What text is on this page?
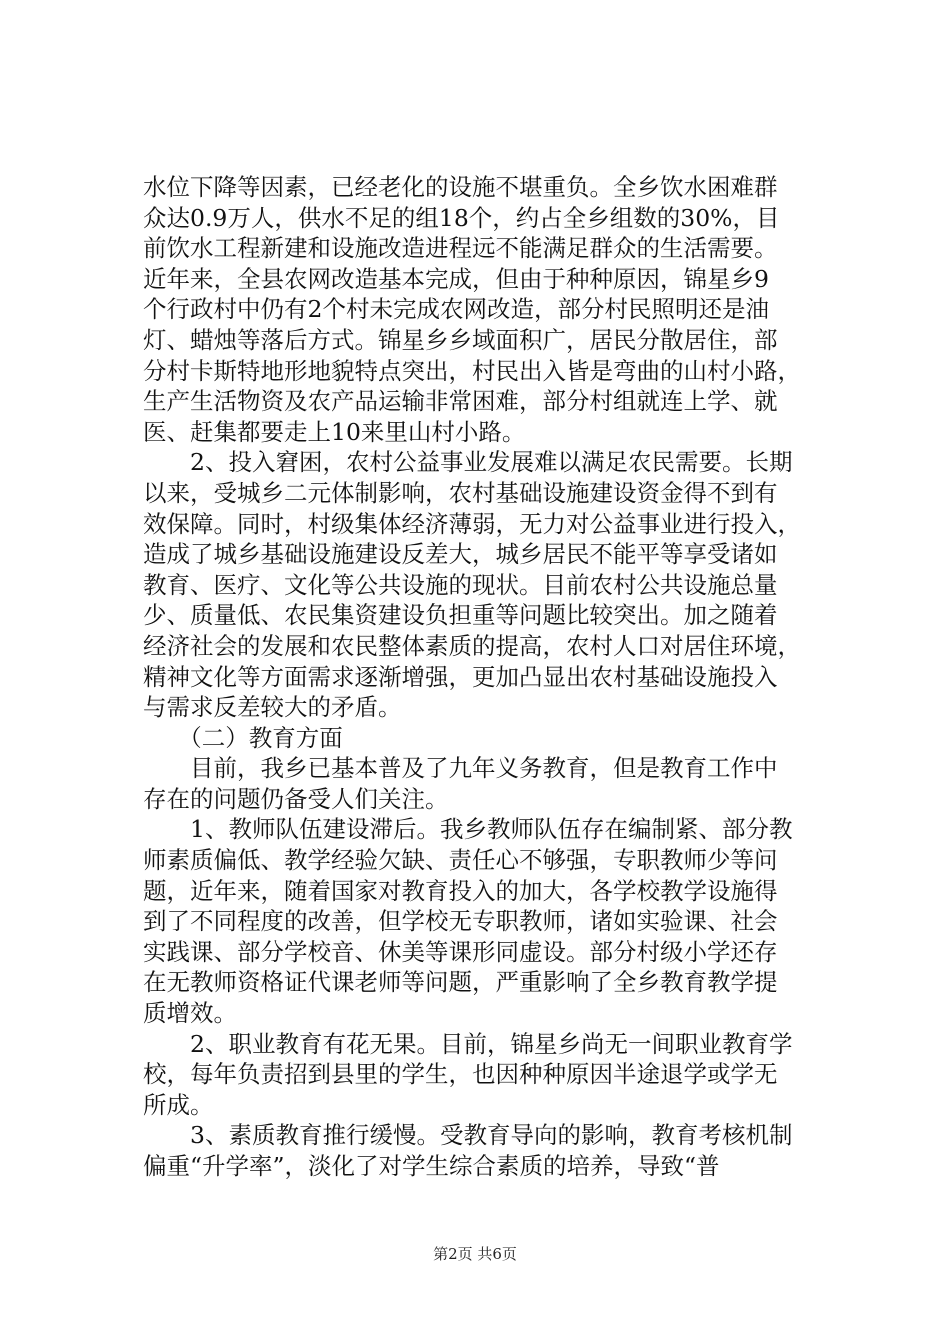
水位下降等因素，已经老化的设施不堪重负。全乡饮水困难群
众达0.9万人，供水不足的组18个，约占全乡组数的30%，目
前饮水工程新建和设施改造进程远不能满足群众的生活需要。
近年来，全县农网改造基本完成，但由于种种原因，锦星乡9
个行政村中仍有2个村未完成农网改造，部分村民照明还是油
灯、蜡烛等落后方式。锦星乡乡域面积广，居民分散居住，部
分村卡斯特地形地貌特点突出，村民出入皆是弯曲的山村小路，
生产生活物资及农产品运输非常困难，部分村组就连上学、就
医、赶集都要走上10来里山村小路。
　　2、投入窘困，农村公益事业发展难以满足农民需要。长期
以来，受城乡二元体制影响，农村基础设施建设资金得不到有
效保障。同时，村级集体经济薄弱，无力对公益事业进行投入，
造成了城乡基础设施建设反差大，城乡居民不能平等享受诸如
教育、医疗、文化等公共设施的现状。目前农村公共设施总量
少、质量低、农民集资建设负担重等问题比较突出。加之随着
经济社会的发展和农民整体素质的提高，农村人口对居住环境，
精神文化等方面需求逐渐增强，更加凸显出农村基础设施投入
与需求反差较大的矛盾。
　　（二）教育方面
　　目前，我乡已基本普及了九年义务教育，但是教育工作中
存在的问题仍备受人们关注。
　　1、教师队伍建设滞后。我乡教师队伍存在编制紧、部分教
师素质偏低、教学经验欠缺、责任心不够强，专职教师少等问
题，近年来，随着国家对教育投入的加大，各学校教学设施得
到了不同程度的改善，但学校无专职教师，诸如实验课、社会
实践课、部分学校音、休美等课形同虚设。部分村级小学还存
在无教师资格证代课老师等问题，严重影响了全乡教育教学提
质增效。
　　2、职业教育有花无果。目前，锦星乡尚无一间职业教育学
校，每年负责招到县里的学生，也因种种原因半途退学或学无
所成。
　　3、素质教育推行缓慢。受教育导向的影响，教育考核机制
偏重“升学率”，淡化了对学生综合素质的培养，导致“普
第2页 共6页
